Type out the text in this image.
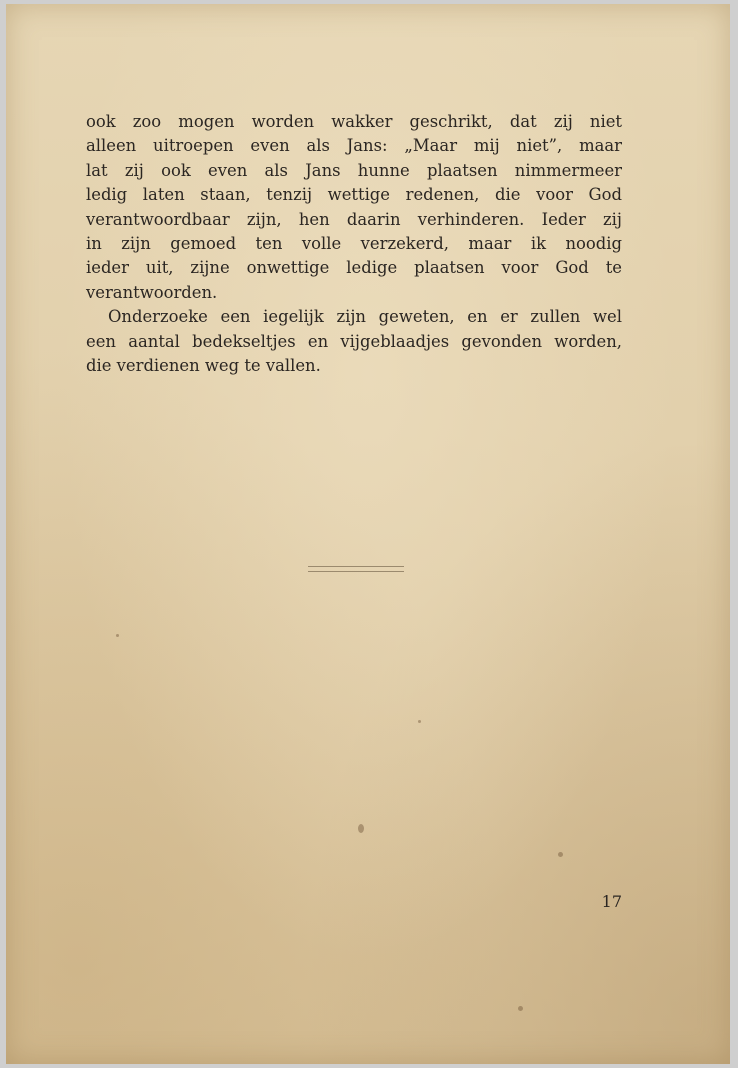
ook zoo mogen worden wakker geschrikt, dat zij niet
alleen uitroepen even als Jans: „Maar mij niet”, maar
lat zij ook even als Jans hunne plaatsen nimmermeer
ledig laten staan, tenzij wettige redenen, die voor God
verantwoordbaar zijn, hen daarin verhinderen. Ieder zij
in zijn gemoed ten volle verzekerd, maar ik noodig
ieder uit, zijne onwettige ledige plaatsen voor God te
verantwoorden.

Onderzoeke een iegelijk zijn geweten, en er zullen wel
een aantal bedekseltjes en vijgeblaadjes gevonden worden,
die verdienen weg te vallen.

17
